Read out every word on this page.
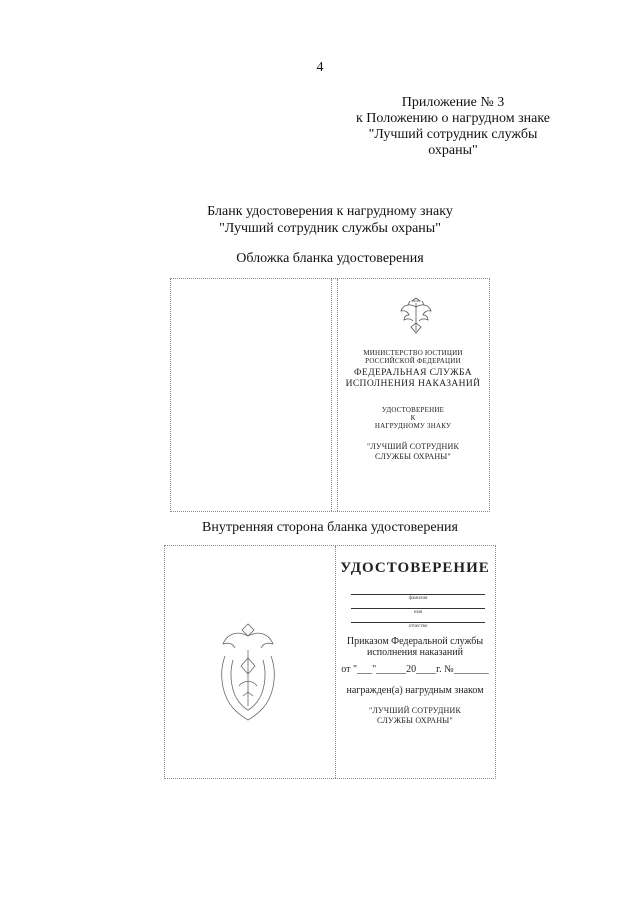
4
Приложение № 3
к Положению о нагрудном знаке
"Лучший сотрудник службы
охраны"
Бланк удостоверения к нагрудному знаку
"Лучший сотрудник службы охраны"
Обложка бланка удостоверения
МИНИСТЕРСТВО ЮСТИЦИИ
РОССИЙСКОЙ ФЕДЕРАЦИИ
ФЕДЕРАЛЬНАЯ СЛУЖБА
ИСПОЛНЕНИЯ НАКАЗАНИЙ
УДОСТОВЕРЕНИЕ
К
НАГРУДНОМУ ЗНАКУ
"ЛУЧШИЙ СОТРУДНИК
СЛУЖБЫ ОХРАНЫ"
Внутренняя сторона бланка удостоверения
УДОСТОВЕРЕНИЕ
фамилия
имя
отчество
Приказом Федеральной службы
исполнения наказаний
от "___"______20____г. №_______
награжден(а) нагрудным знаком
"ЛУЧШИЙ СОТРУДНИК
СЛУЖБЫ ОХРАНЫ"
